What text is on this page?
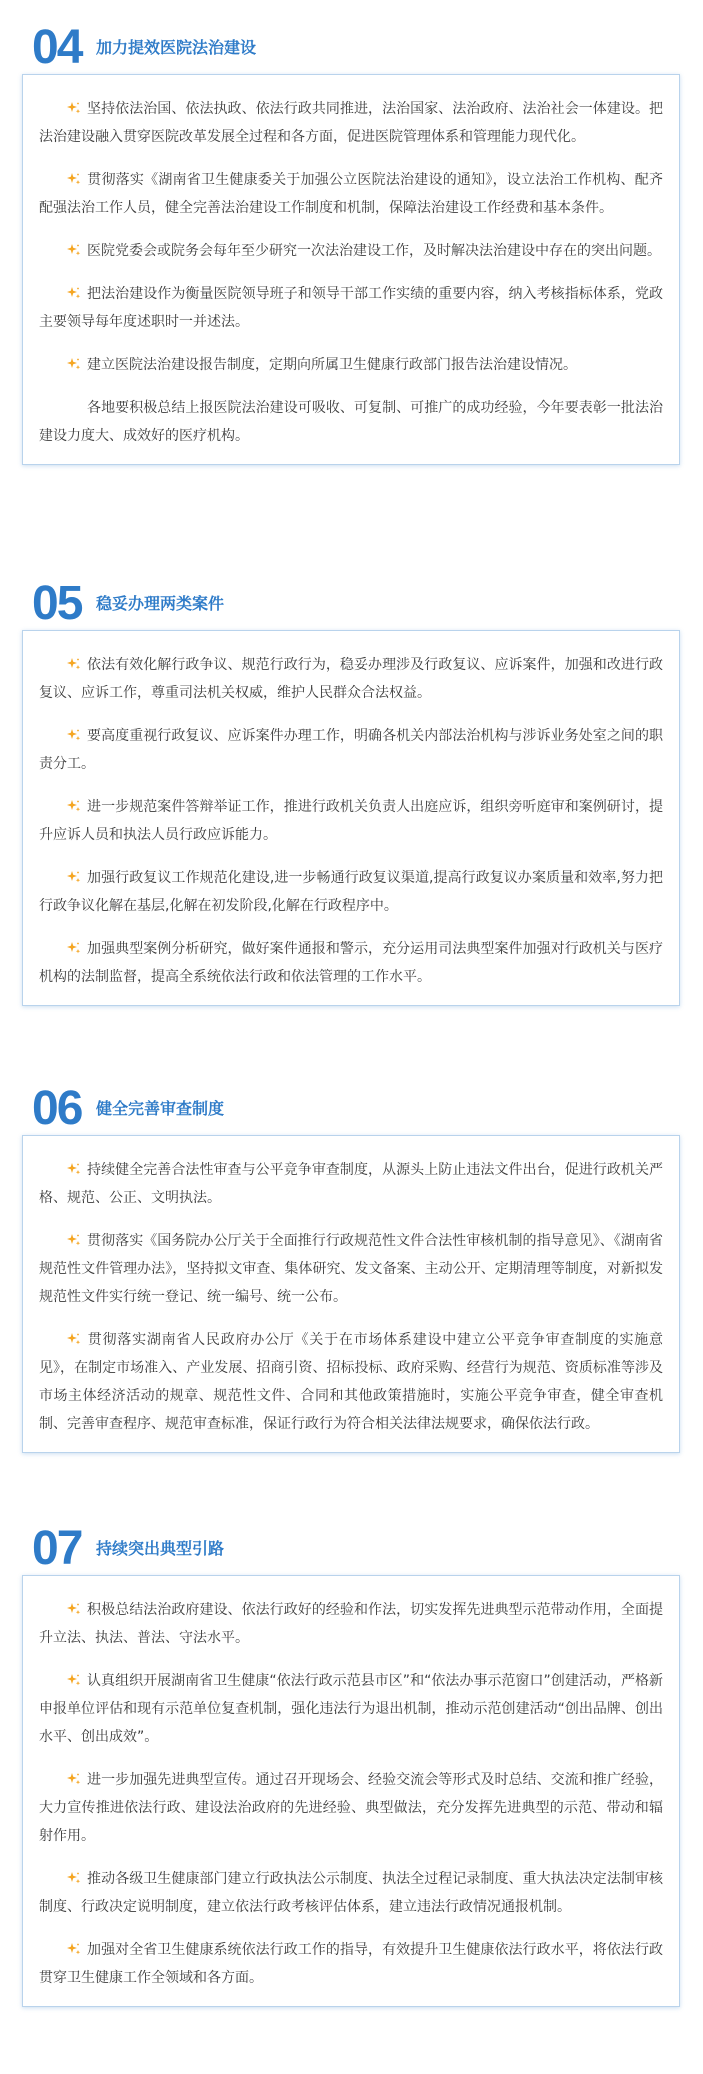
04 加力提效医院法治建设

坚持依法治国、依法执政、依法行政共同推进，法治国家、法治政府、法治社会一体建设。把法治建设融入贯穿医院改革发展全过程和各方面，促进医院管理体系和管理能力现代化。

贯彻落实《湖南省卫生健康委关于加强公立医院法治建设的通知》，设立法治工作机构、配齐配强法治工作人员，健全完善法治建设工作制度和机制，保障法治建设工作经费和基本条件。

医院党委会或院务会每年至少研究一次法治建设工作，及时解决法治建设中存在的突出问题。

把法治建设作为衡量医院领导班子和领导干部工作实绩的重要内容，纳入考核指标体系，党政主要领导每年度述职时一并述法。

建立医院法治建设报告制度，定期向所属卫生健康行政部门报告法治建设情况。

各地要积极总结上报医院法治建设可吸收、可复制、可推广的成功经验，今年要表彰一批法治建设力度大、成效好的医疗机构。

05 稳妥办理两类案件

依法有效化解行政争议、规范行政行为，稳妥办理涉及行政复议、应诉案件，加强和改进行政复议、应诉工作，尊重司法机关权威，维护人民群众合法权益。

要高度重视行政复议、应诉案件办理工作，明确各机关内部法治机构与涉诉业务处室之间的职责分工。

进一步规范案件答辩举证工作，推进行政机关负责人出庭应诉，组织旁听庭审和案例研讨，提升应诉人员和执法人员行政应诉能力。

加强行政复议工作规范化建设,进一步畅通行政复议渠道,提高行政复议办案质量和效率,努力把行政争议化解在基层,化解在初发阶段,化解在行政程序中。

加强典型案例分析研究，做好案件通报和警示，充分运用司法典型案件加强对行政机关与医疗机构的法制监督，提高全系统依法行政和依法管理的工作水平。

06 健全完善审查制度

持续健全完善合法性审查与公平竞争审查制度，从源头上防止违法文件出台，促进行政机关严格、规范、公正、文明执法。

贯彻落实《国务院办公厅关于全面推行行政规范性文件合法性审核机制的指导意见》、《湖南省规范性文件管理办法》，坚持拟文审查、集体研究、发文备案、主动公开、定期清理等制度，对新拟发规范性文件实行统一登记、统一编号、统一公布。

贯彻落实湖南省人民政府办公厅《关于在市场体系建设中建立公平竞争审查制度的实施意见》，在制定市场准入、产业发展、招商引资、招标投标、政府采购、经营行为规范、资质标准等涉及市场主体经济活动的规章、规范性文件、合同和其他政策措施时，实施公平竞争审查，健全审查机制、完善审查程序、规范审查标准，保证行政行为符合相关法律法规要求，确保依法行政。

07 持续突出典型引路

积极总结法治政府建设、依法行政好的经验和作法，切实发挥先进典型示范带动作用，全面提升立法、执法、普法、守法水平。

认真组织开展湖南省卫生健康“依法行政示范县市区”和“依法办事示范窗口”创建活动，严格新申报单位评估和现有示范单位复查机制，强化违法行为退出机制，推动示范创建活动“创出品牌、创出水平、创出成效”。

进一步加强先进典型宣传。通过召开现场会、经验交流会等形式及时总结、交流和推广经验，大力宣传推进依法行政、建设法治政府的先进经验、典型做法，充分发挥先进典型的示范、带动和辐射作用。

推动各级卫生健康部门建立行政执法公示制度、执法全过程记录制度、重大执法决定法制审核制度、行政决定说明制度，建立依法行政考核评估体系，建立违法行政情况通报机制。

加强对全省卫生健康系统依法行政工作的指导，有效提升卫生健康依法行政水平，将依法行政贯穿卫生健康工作全领域和各方面。
